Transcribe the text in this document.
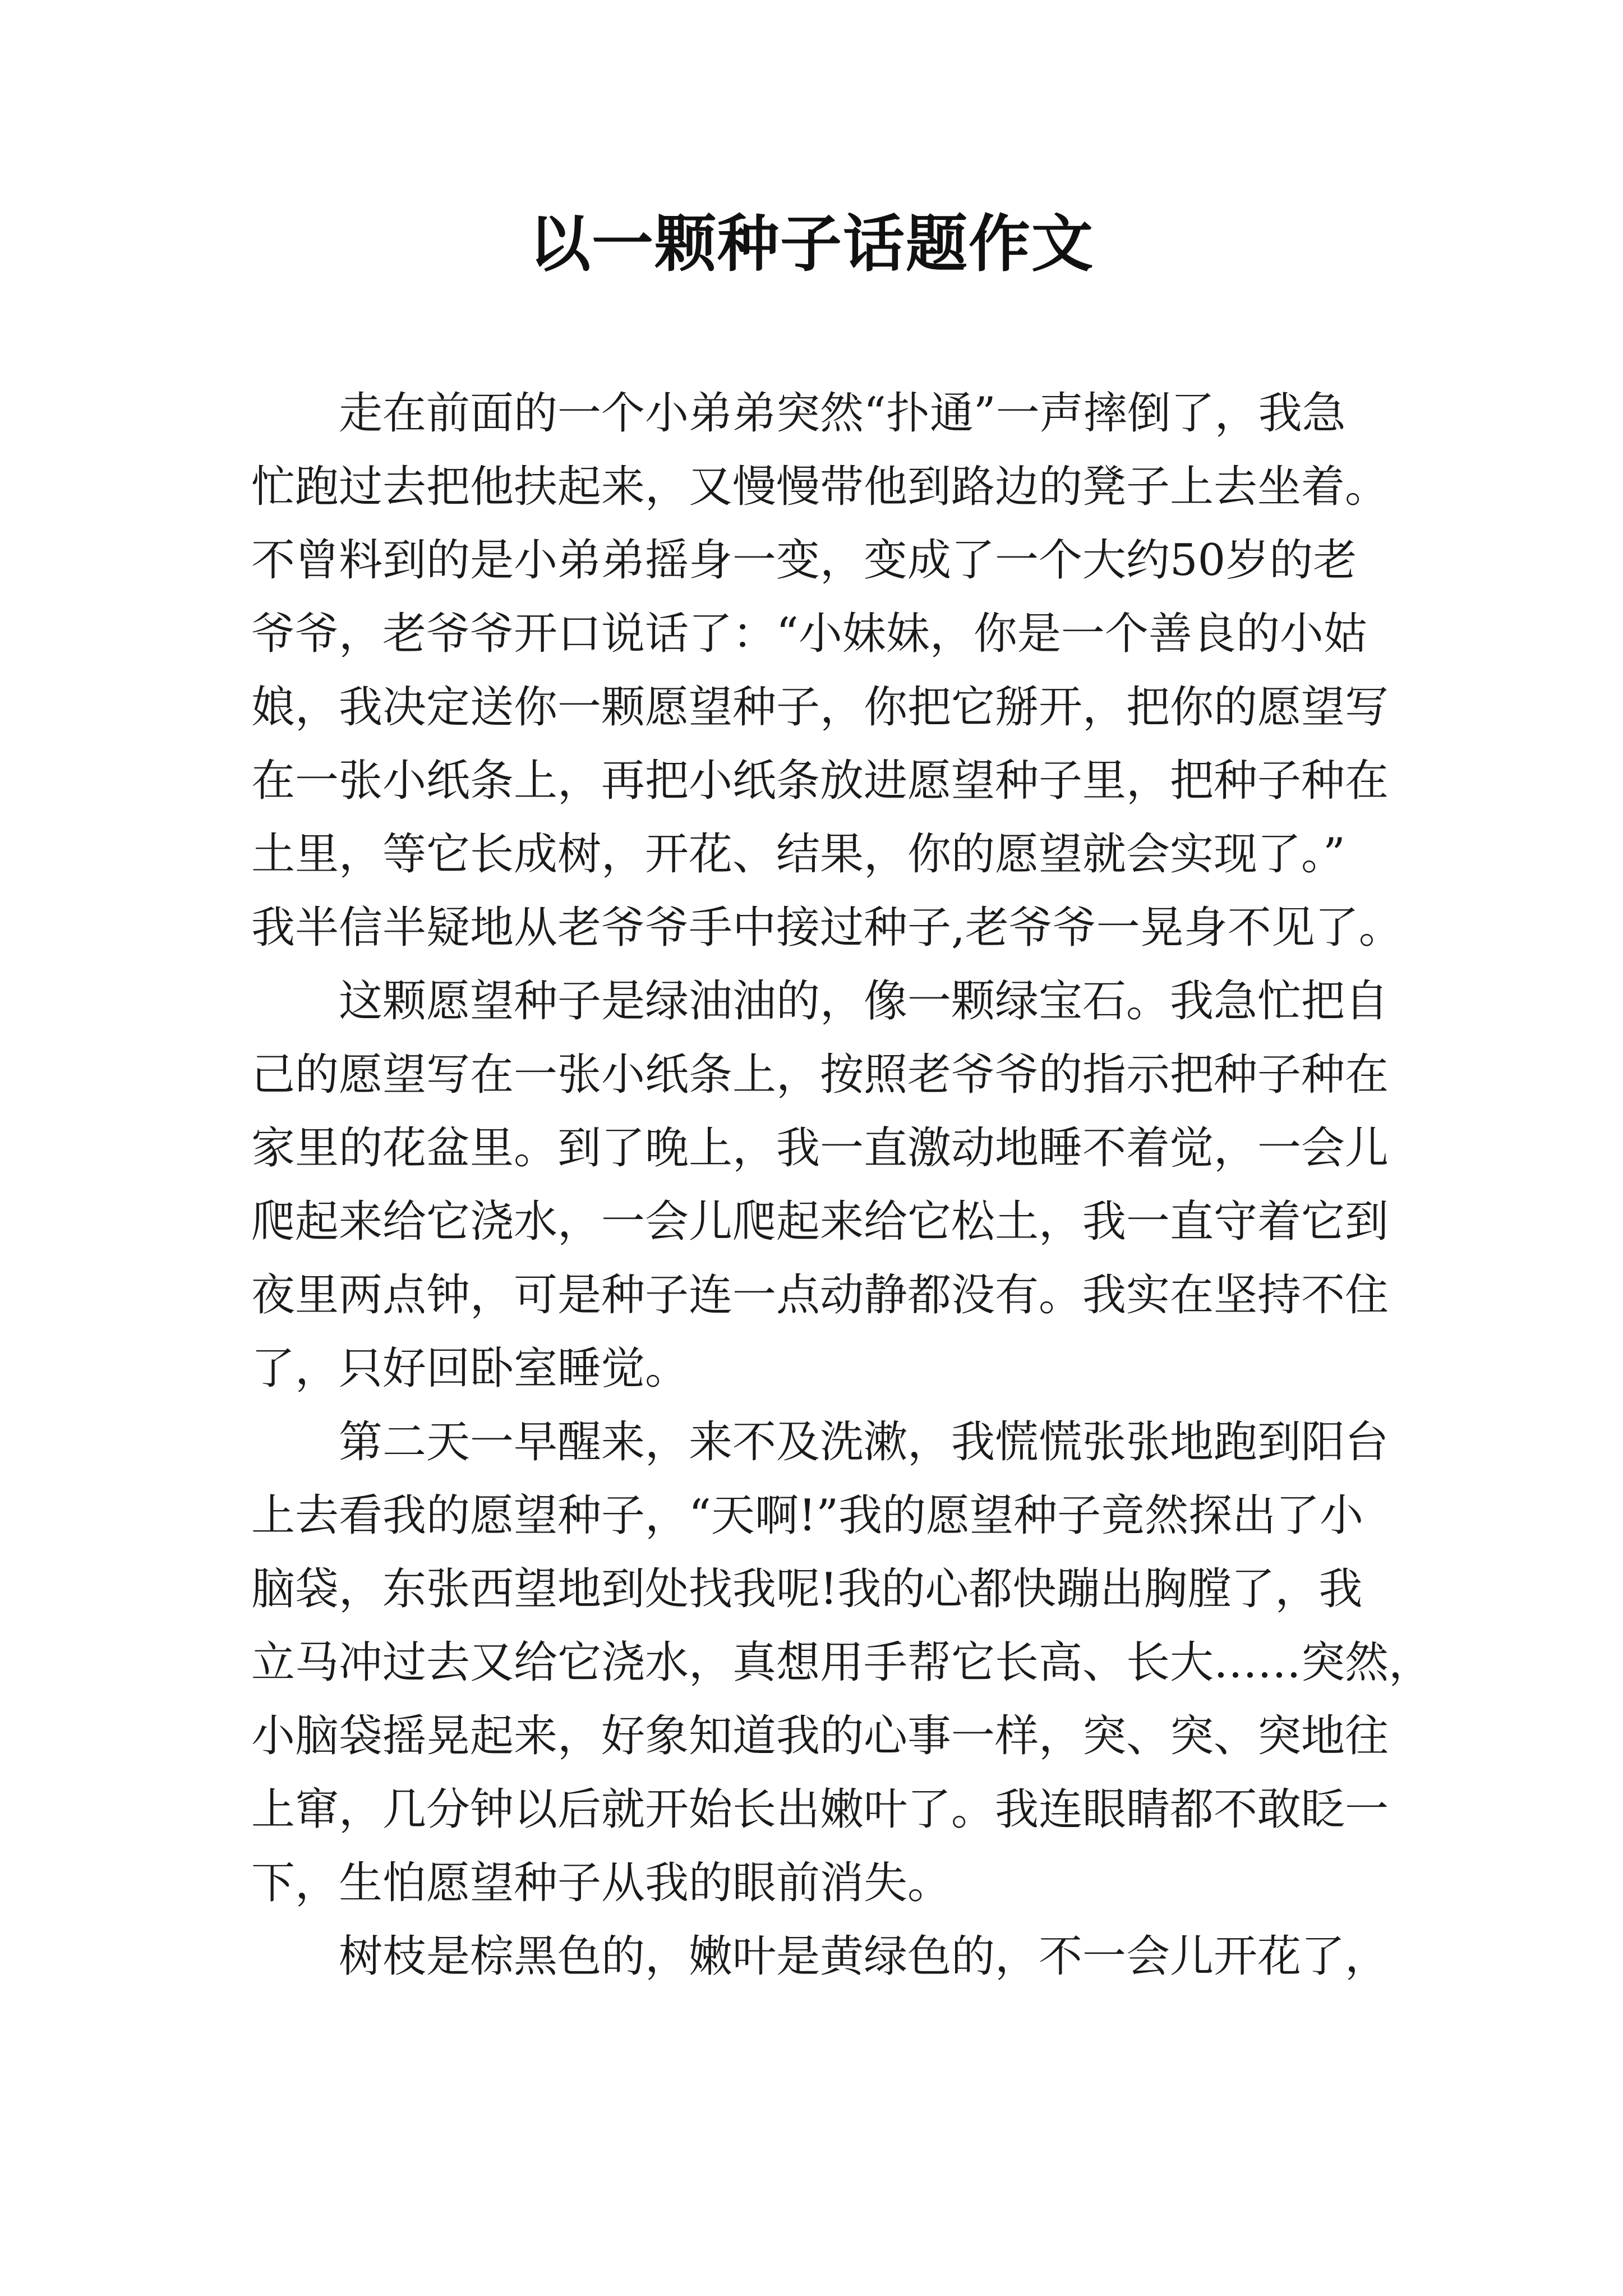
以一颗种子话题作文
走在前面的一个小弟弟突然“扑通”一声摔倒了，我急
忙跑过去把他扶起来，又慢慢带他到路边的凳子上去坐着。
不曾料到的是小弟弟摇身一变，变成了一个大约50岁的老
爷爷，老爷爷开口说话了：“小妹妹，你是一个善良的小姑
娘，我决定送你一颗愿望种子，你把它掰开，把你的愿望写
在一张小纸条上，再把小纸条放进愿望种子里，把种子种在
土里，等它长成树，开花、结果，你的愿望就会实现了。”
我半信半疑地从老爷爷手中接过种子,老爷爷一晃身不见了。
这颗愿望种子是绿油油的，像一颗绿宝石。我急忙把自
己的愿望写在一张小纸条上，按照老爷爷的指示把种子种在
家里的花盆里。到了晚上，我一直激动地睡不着觉，一会儿
爬起来给它浇水，一会儿爬起来给它松土，我一直守着它到
夜里两点钟，可是种子连一点动静都没有。我实在坚持不住
了，只好回卧室睡觉。
第二天一早醒来，来不及洗漱，我慌慌张张地跑到阳台
上去看我的愿望种子，“天啊!”我的愿望种子竟然探出了小
脑袋，东张西望地到处找我呢!我的心都快蹦出胸膛了，我
立马冲过去又给它浇水，真想用手帮它长高、长大……突然，
小脑袋摇晃起来，好象知道我的心事一样，突、突、突地往
上窜，几分钟以后就开始长出嫩叶了。我连眼睛都不敢眨一
下，生怕愿望种子从我的眼前消失。
树枝是棕黑色的，嫩叶是黄绿色的，不一会儿开花了，
